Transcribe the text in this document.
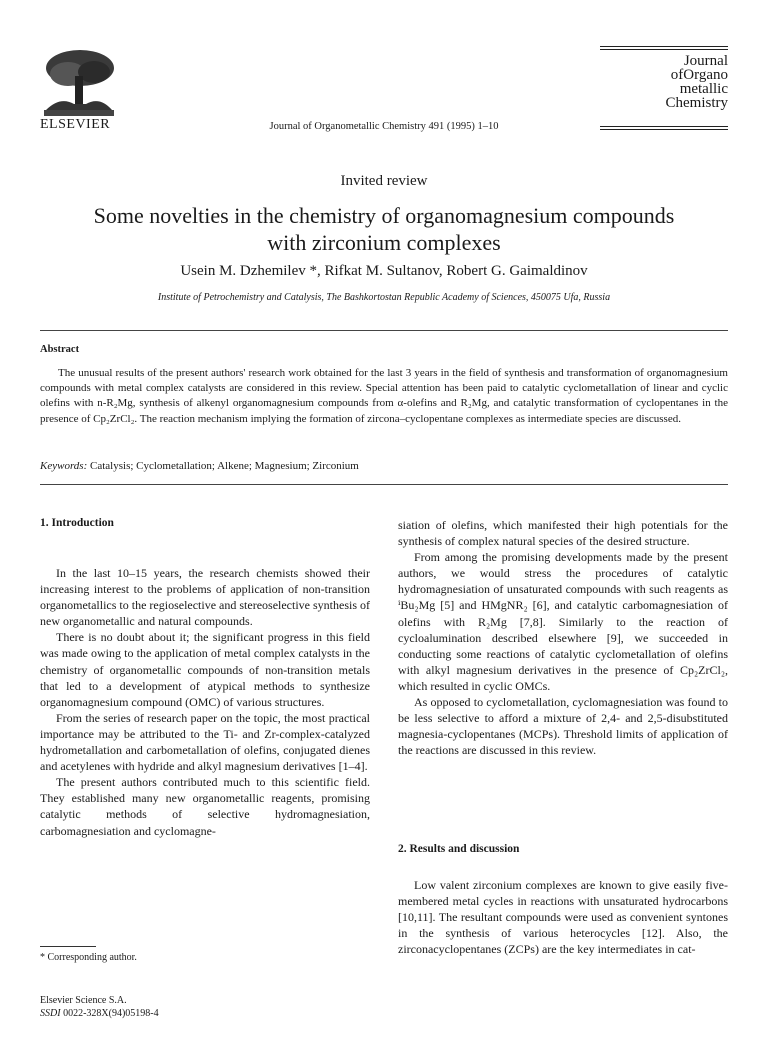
ELSEVIER	Journal of Organometallic Chemistry 491 (1995) 1–10
Journal
ofOrgano
metallic
Chemistry
Invited review
Some novelties in the chemistry of organomagnesium compounds
with zirconium complexes
Usein M. Dzhemilev *, Rifkat M. Sultanov, Robert G. Gaimaldinov
Institute of Petrochemistry and Catalysis, The Bashkortostan Republic Academy of Sciences, 450075 Ufa, Russia
Abstract
The unusual results of the present authors' research work obtained for the last 3 years in the field of synthesis and transformation of organomagnesium compounds with metal complex catalysts are considered in this review. Special attention has been paid to catalytic cyclometallation of linear and cyclic olefins with n-R₂Mg, synthesis of alkenyl organomagnesium compounds from α-olefins and R₂Mg, and catalytic transformation of cyclopentanes in the presence of Cp₂ZrCl₂. The reaction mechanism implying the formation of zircona–cyclopentane complexes as intermediate species are discussed.
Keywords: Catalysis; Cyclometallation; Alkene; Magnesium; Zirconium
1. Introduction

In the last 10–15 years, the research chemists showed their increasing interest to the problems of application of non-transition organometallics to the regioselective and stereoselective synthesis of new organometallic and natural compounds.

There is no doubt about it; the significant progress in this field was made owing to the application of metal complex catalysts in the chemistry of organometallic compounds of non-transition metals that led to a development of atypical methods to synthesize organomagnesium compound (OMC) of various structures.

From the series of research paper on the topic, the most practical importance may be attributed to the Ti- and Zr-complex-catalyzed hydrometallation and carbometallation of olefins, conjugated dienes and acetylenes with hydride and alkyl magnesium derivatives [1–4].

The present authors contributed much to this scientific field. They established many new organometallic reagents, promising catalytic methods of selective hydromagnesiation, carbomagnesiation and cyclomagne-

siation of olefins, which manifested their high potentials for the synthesis of complex natural species of the desired structure.

From among the promising developments made by the present authors, we would stress the procedures of catalytic hydromagnesiation of unsaturated compounds with such reagents as ⁱBu₂Mg [5] and HMgNR₂ [6], and catalytic carbomagnesiation of olefins with R₂Mg [7,8]. Similarly to the reaction of cycloalumination described elsewhere [9], we succeeded in conducting some reactions of catalytic cyclometallation of olefins with alkyl magnesium derivatives in the presence of Cp₂ZrCl₂, which resulted in cyclic OMCs.

As opposed to cyclometallation, cyclomagnesiation was found to be less selective to afford a mixture of 2,4- and 2,5-disubstituted magnesia-cyclopentanes (MCPs). Threshold limits of application of the reactions are discussed in this review.

2. Results and discussion

Low valent zirconium complexes are known to give easily five-membered metal cycles in reactions with unsaturated hydrocarbons [10,11]. The resultant compounds were used as convenient syntones in the synthesis of various heterocycles [12]. Also, the zirconacyclopentanes (ZCPs) are the key intermediates in cat-

* Corresponding author.
Elsevier Science S.A.
SSDI 0022-328X(94)05198-4
